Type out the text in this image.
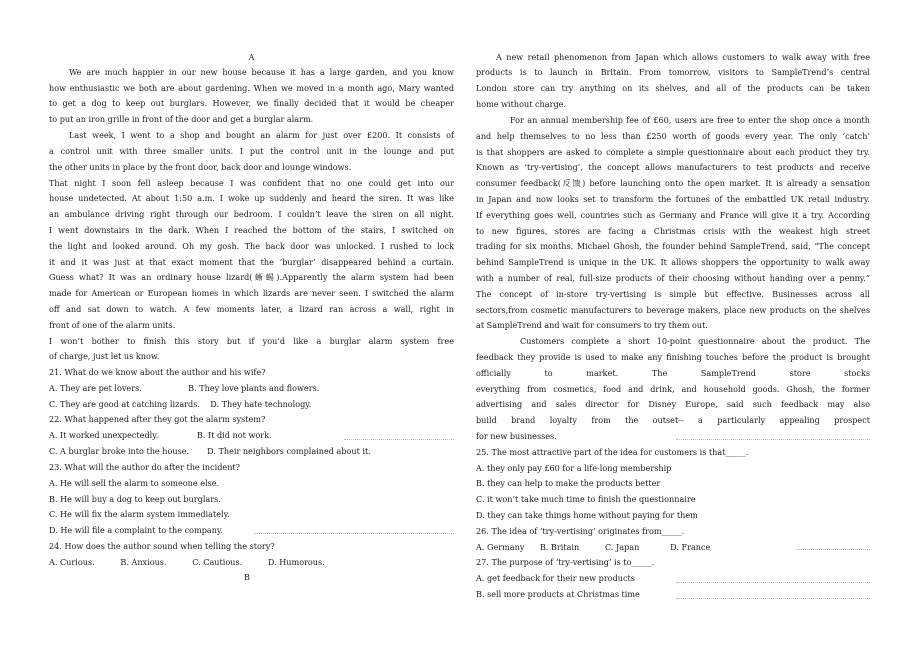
A
We are much happier in our new house because it has a large garden, and you know
how enthusiastic we both are about gardening. When we moved in a month ago, Mary wanted
to get a dog to keep out burglars. However, we finally decided that it would be cheaper
to put an iron grille in front of the door and get a burglar alarm.
Last week, I went to a shop and bought an alarm for just over £200. It consists of
a control unit with three smaller units. I put the control unit in the lounge and put
the other units in place by the front door, back door and lounge windows.
That night I soon fell asleep because I was confident that no one could get into our
house undetected. At about 1:50 a.m. I woke up suddenly and heard the siren. It was like
an ambulance driving right through our bedroom. I couldn’t leave the siren on all night.
I went downstairs in the dark. When I reached the bottom of the stairs, I switched on
the light and looked around. Oh my gosh. The back door was unlocked. I rushed to lock
it and it was just at that exact moment that the ‘burglar’ disappeared behind a curtain.
Guess what? It was an ordinary house lizard(蜥蜴).Apparently the alarm system had been
made for American or European homes in which lizards are never seen. I switched the alarm
off and sat down to watch. A few moments later, a lizard ran across a wall, right in
front of one of the alarm units.
I won’t bother to finish this story but if you’d like a burglar alarm system free
of charge, just let us know.
21. What do we know about the author and his wife?
A. They are pet lovers.                  B. They love plants and flowers.
C. They are good at catching lizards.    D. They hate technology.
22. What happened after they got the alarm system?
A. It worked unexpectedly.               B. It did not work.
C. A burglar broke into the house.       D. Their neighbors complained about it.
23. What will the author do after the incident?
A. He will sell the alarm to someone else.
B. He will buy a dog to keep out burglars.
C. He will fix the alarm system immediately.
D. He will file a complaint to the company.
24. How does the author sound when telling the story?
A. Curious.          B. Anxious.          C. Cautious.          D. Humorous.
B
A new retail phenomenon from Japan which allows customers to walk away with free
products is to launch in Britain. From tomorrow, visitors to SampleTrend’s central
London store can try anything on its shelves, and all of the products can be taken
home without charge.
For an annual membership fee of £60, users are free to enter the shop once a month
and help themselves to no less than £250 worth of goods every year. The only ‘catch’
is that shoppers are asked to complete a simple questionnaire about each product they try.
Known as ‘try-vertising’, the concept allows manufacturers to test products and receive
consumer feedback(反馈) before launching onto the open market. It is already a sensation
in Japan and now looks set to transform the fortunes of the embattled UK retail industry.
If everything goes well, countries such as Germany and France will give it a try. According
to new figures, stores are facing a Christmas crisis with the weakest high street
trading for six months. Michael Ghosh, the founder behind SampleTrend, said, “The concept
behind SampleTrend is unique in the UK. It allows shoppers the opportunity to walk away
with a number of real, full-size products of their choosing without handing over a penny.”
The concept of in-store try-vertising is simple but effective. Businesses across all
sectors,from cosmetic manufacturers to beverage makers, place new products on the shelves
at SampleTrend and wait for consumers to try them out.
Customers complete a short 10-point questionnaire about the product. The
feedback they provide is used to make any finishing touches before the product is brought
officially to market. The SampleTrend store stocks
everything from cosmetics, food and drink, and household goods. Ghosh, the former
advertising and sales director for Disney Europe, said such feedback may also
build brand loyalty from the outset-- a particularly appealing prospect
for new businesses.
25. The most attractive part of the idea for customers is that_____.
A. they only pay £60 for a life-long membership
B. they can help to make the products better
C. it won’t take much time to finish the questionnaire
D. they can take things home without paying for them
26. The idea of ‘try-vertising’ originates from_____.
A. Germany      B. Britain          C. Japan            D. France
27. The purpose of ‘try-vertising’ is to_____.
A. get feedback for their new products
B. sell more products at Christmas time
